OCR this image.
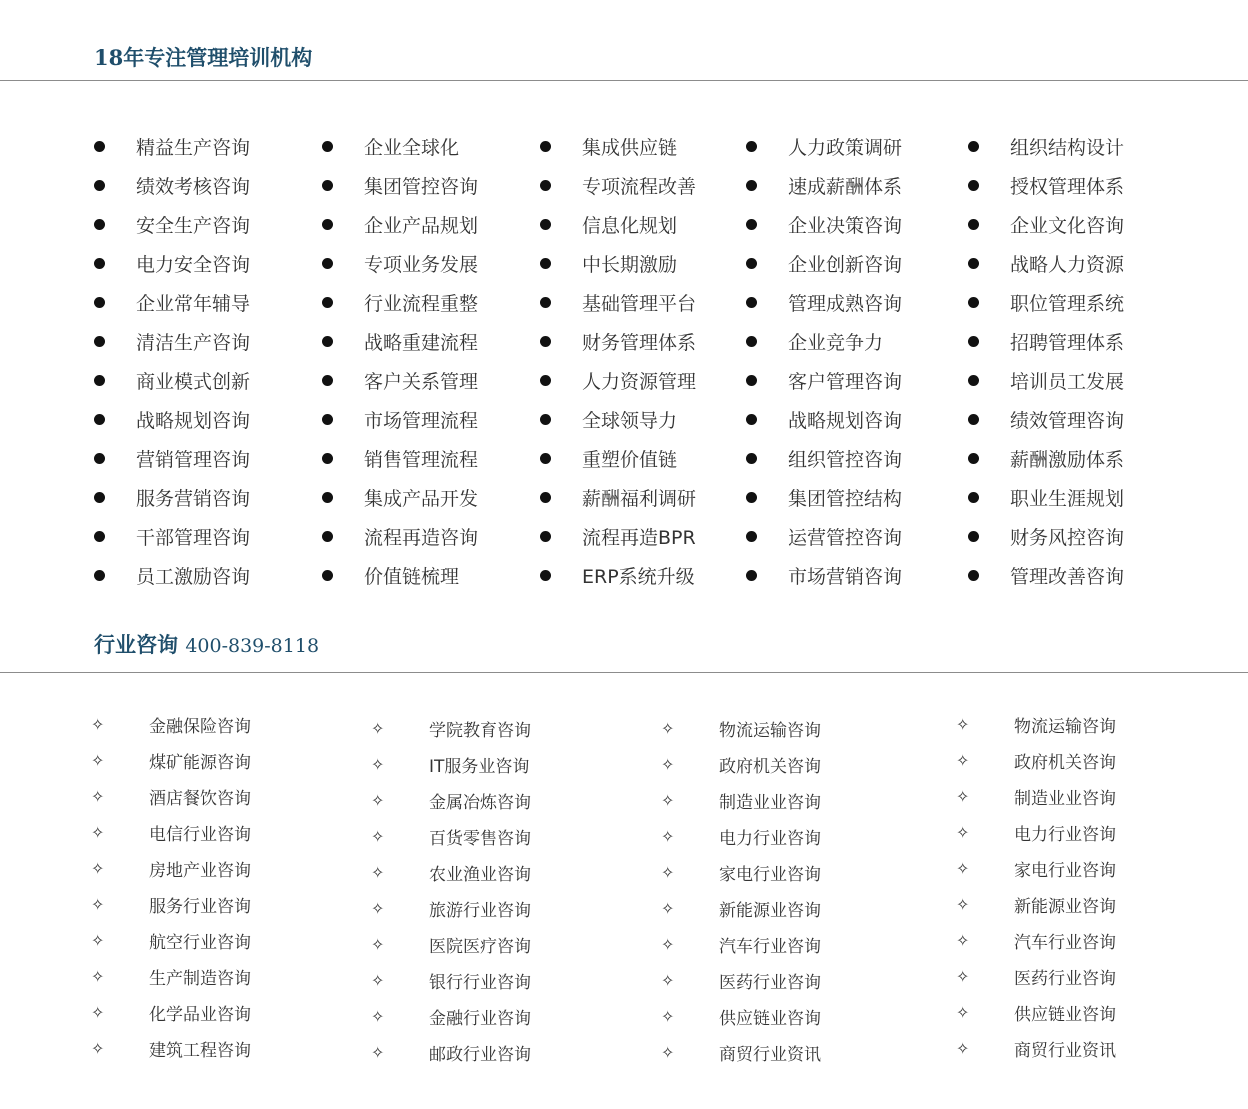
18年专注管理培训机构
精益生产咨询
绩效考核咨询
安全生产咨询
电力安全咨询
企业常年辅导
清洁生产咨询
商业模式创新
战略规划咨询
营销管理咨询
服务营销咨询
干部管理咨询
员工激励咨询
企业全球化
集团管控咨询
企业产品规划
专项业务发展
行业流程重整
战略重建流程
客户关系管理
市场管理流程
销售管理流程
集成产品开发
流程再造咨询
价值链梳理
集成供应链
专项流程改善
信息化规划
中长期激励
基础管理平台
财务管理体系
人力资源管理
全球领导力
重塑价值链
薪酬福利调研
流程再造BPR
ERP系统升级
人力政策调研
速成薪酬体系
企业决策咨询
企业创新咨询
管理成熟咨询
企业竞争力
客户管理咨询
战略规划咨询
组织管控咨询
集团管控结构
运营管控咨询
市场营销咨询
组织结构设计
授权管理体系
企业文化咨询
战略人力资源
职位管理系统
招聘管理体系
培训员工发展
绩效管理咨询
薪酬激励体系
职业生涯规划
财务风控咨询
管理改善咨询
行业咨询 400-839-8118
✧	金融保险咨询
✧	煤矿能源咨询
✧	酒店餐饮咨询
✧	电信行业咨询
✧	房地产业咨询
✧	服务行业咨询
✧	航空行业咨询
✧	生产制造咨询
✧	化学品业咨询
✧	建筑工程咨询
✧	学院教育咨询
✧	IT服务业咨询
✧	金属冶炼咨询
✧	百货零售咨询
✧	农业渔业咨询
✧	旅游行业咨询
✧	医院医疗咨询
✧	银行行业咨询
✧	金融行业咨询
✧	邮政行业咨询
✧	物流运输咨询
✧	政府机关咨询
✧	制造业业咨询
✧	电力行业咨询
✧	家电行业咨询
✧	新能源业咨询
✧	汽车行业咨询
✧	医药行业咨询
✧	供应链业咨询
✧	商贸行业资讯
✧	物流运输咨询
✧	政府机关咨询
✧	制造业业咨询
✧	电力行业咨询
✧	家电行业咨询
✧	新能源业咨询
✧	汽车行业咨询
✧	医药行业咨询
✧	供应链业咨询
✧	商贸行业资讯
